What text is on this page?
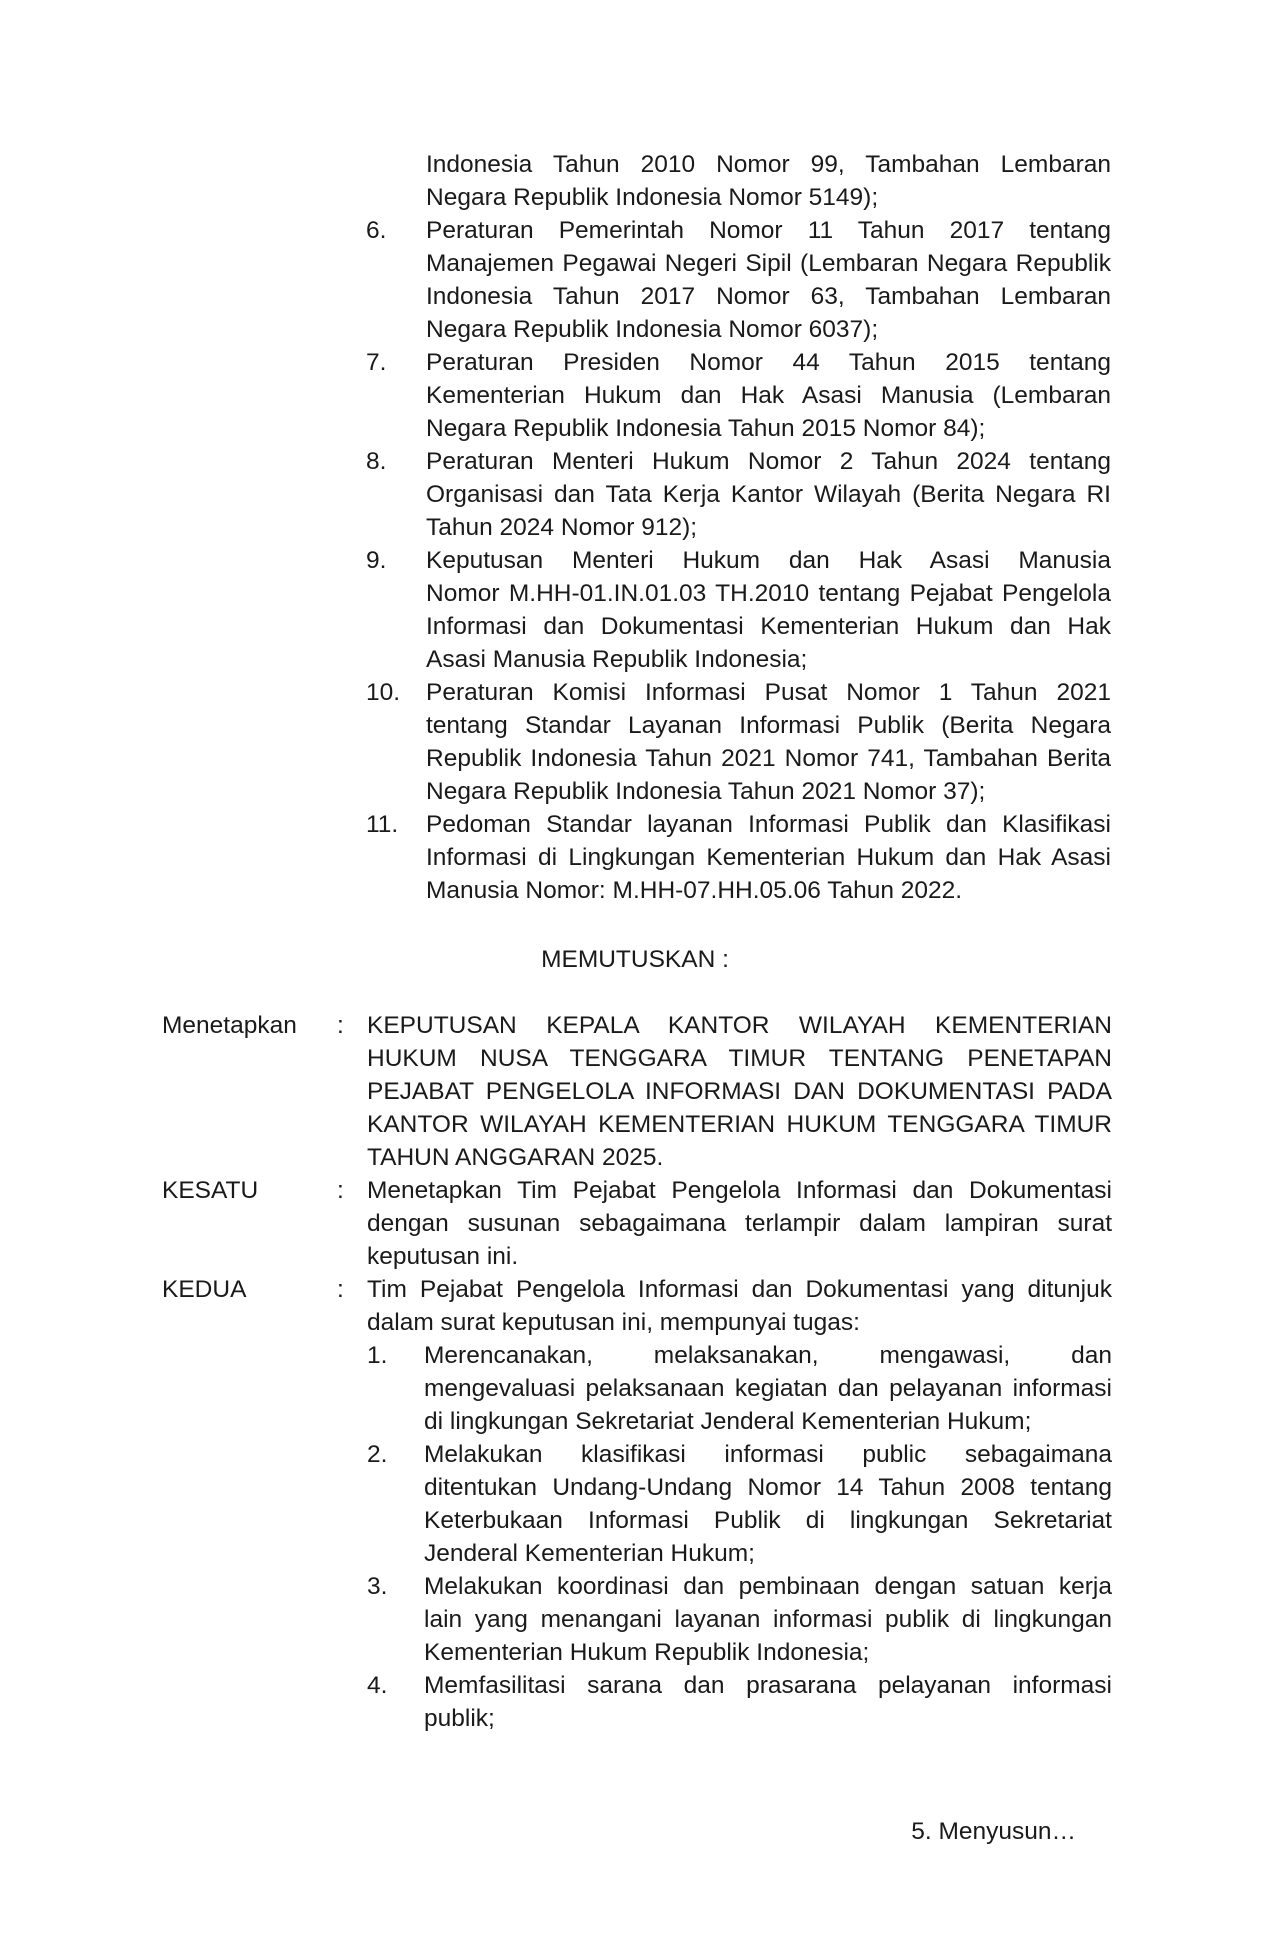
Indonesia Tahun 2010 Nomor 99, Tambahan Lembaran
Negara Republik Indonesia Nomor 5149);
6. Peraturan Pemerintah Nomor 11 Tahun 2017 tentang
Manajemen Pegawai Negeri Sipil (Lembaran Negara Republik
Indonesia Tahun 2017 Nomor 63, Tambahan Lembaran
Negara Republik Indonesia Nomor 6037);
7. Peraturan Presiden Nomor 44 Tahun 2015 tentang
Kementerian Hukum dan Hak Asasi Manusia (Lembaran
Negara Republik Indonesia Tahun 2015 Nomor 84);
8. Peraturan Menteri Hukum Nomor 2 Tahun 2024 tentang
Organisasi dan Tata Kerja Kantor Wilayah (Berita Negara RI
Tahun 2024 Nomor 912);
9. Keputusan Menteri Hukum dan Hak Asasi Manusia
Nomor M.HH-01.IN.01.03 TH.2010 tentang Pejabat Pengelola
Informasi dan Dokumentasi Kementerian Hukum dan Hak
Asasi Manusia Republik Indonesia;
10. Peraturan Komisi Informasi Pusat Nomor 1 Tahun 2021
tentang Standar Layanan Informasi Publik (Berita Negara
Republik Indonesia Tahun 2021 Nomor 741, Tambahan Berita
Negara Republik Indonesia Tahun 2021 Nomor 37);
11. Pedoman Standar layanan Informasi Publik dan Klasifikasi
Informasi di Lingkungan Kementerian Hukum dan Hak Asasi
Manusia Nomor: M.HH-07.HH.05.06 Tahun 2022.
MEMUTUSKAN :
Menetapkan : KEPUTUSAN KEPALA KANTOR WILAYAH KEMENTERIAN
HUKUM NUSA TENGGARA TIMUR TENTANG PENETAPAN
PEJABAT PENGELOLA INFORMASI DAN DOKUMENTASI PADA
KANTOR WILAYAH KEMENTERIAN HUKUM TENGGARA TIMUR
TAHUN ANGGARAN 2025.
KESATU	: Menetapkan Tim Pejabat Pengelola Informasi dan Dokumentasi
dengan susunan sebagaimana terlampir dalam lampiran surat
keputusan ini.
KEDUA	: Tim Pejabat Pengelola Informasi dan Dokumentasi yang ditunjuk
dalam surat keputusan ini, mempunyai tugas:
1. Merencanakan, melaksanakan, mengawasi, dan
mengevaluasi pelaksanaan kegiatan dan pelayanan informasi
di lingkungan Sekretariat Jenderal Kementerian Hukum;
2. Melakukan klasifikasi informasi public sebagaimana
ditentukan Undang-Undang Nomor 14 Tahun 2008 tentang
Keterbukaan Informasi Publik di lingkungan Sekretariat
Jenderal Kementerian Hukum;
3. Melakukan koordinasi dan pembinaan dengan satuan kerja
lain yang menangani layanan informasi publik di lingkungan
Kementerian Hukum Republik Indonesia;
4. Memfasilitasi sarana dan prasarana pelayanan informasi
publik;
5. Menyusun…
